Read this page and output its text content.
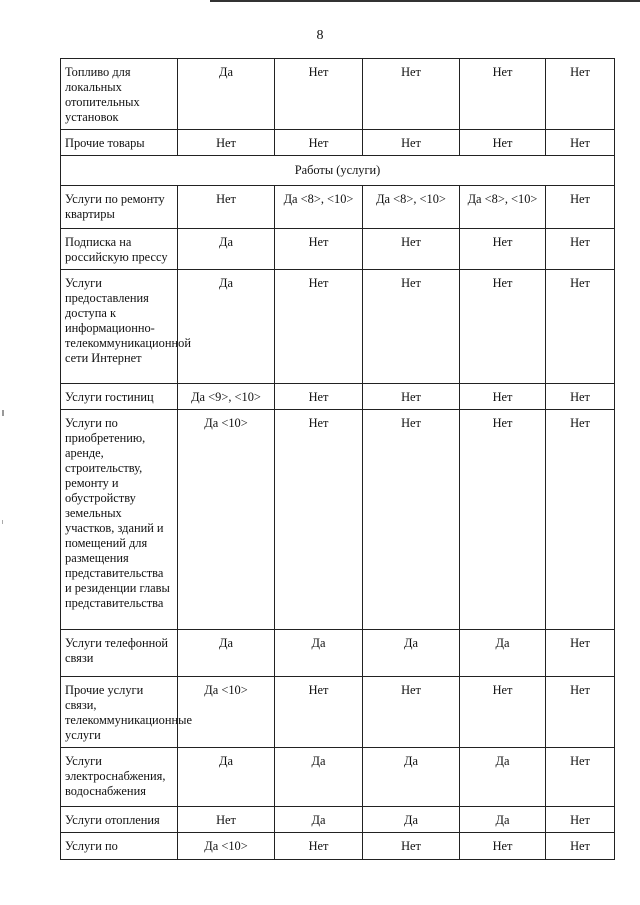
8
Топливо для локальных отопительных установок	Да	Нет	Нет	Нет	Нет
Прочие товары	Нет	Нет	Нет	Нет	Нет
Работы (услуги)					
Услуги по ремонту квартиры	Нет	Да <8>, <10>	Да <8>, <10>	Да <8>, <10>	Нет
Подписка на российскую прессу	Да	Нет	Нет	Нет	Нет
Услуги предоставления доступа к информационно-телекоммуникационной сети Интернет	Да	Нет	Нет	Нет	Нет
Услуги гостиниц	Да <9>, <10>	Нет	Нет	Нет	Нет
Услуги по приобретению, аренде, строительству, ремонту и обустройству земельных участков, зданий и помещений для размещения представительства и резиденции главы представительства	Да <10>	Нет	Нет	Нет	Нет
Услуги телефонной связи	Да	Да	Да	Да	Нет
Прочие услуги связи, телекоммуникационные услуги	Да <10>	Нет	Нет	Нет	Нет
Услуги электроснабжения, водоснабжения	Да	Да	Да	Да	Нет
Услуги отопления	Нет	Да	Да	Да	Нет
Услуги по	Да <10>	Нет	Нет	Нет	Нет
